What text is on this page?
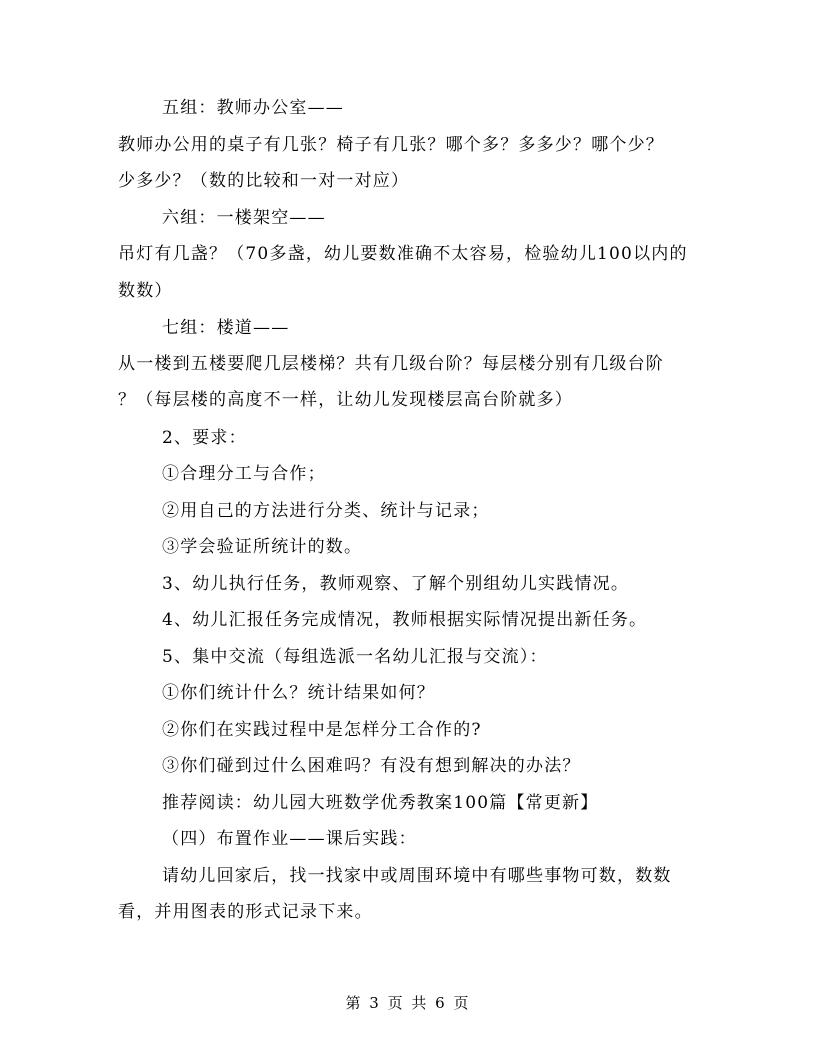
五组：教师办公室——
教师办公用的桌子有几张？椅子有几张？哪个多？多多少？哪个少？
少多少？（数的比较和一对一对应）
六组：一楼架空——
吊灯有几盏？（70多盏，幼儿要数准确不太容易，检验幼儿100以内的
数数）
七组：楼道——
从一楼到五楼要爬几层楼梯？共有几级台阶？每层楼分别有几级台阶
？（每层楼的高度不一样，让幼儿发现楼层高台阶就多）
2、要求：
①合理分工与合作；
②用自己的方法进行分类、统计与记录；
③学会验证所统计的数。
3、幼儿执行任务，教师观察、了解个别组幼儿实践情况。
4、幼儿汇报任务完成情况，教师根据实际情况提出新任务。
5、集中交流（每组选派一名幼儿汇报与交流）：
①你们统计什么？统计结果如何？
②你们在实践过程中是怎样分工合作的?
③你们碰到过什么困难吗？有没有想到解决的办法？
推荐阅读：幼儿园大班数学优秀教案100篇【常更新】
（四）布置作业——课后实践：
请幼儿回家后，找一找家中或周围环境中有哪些事物可数，数数
看，并用图表的形式记录下来。
第 3 页 共 6 页
